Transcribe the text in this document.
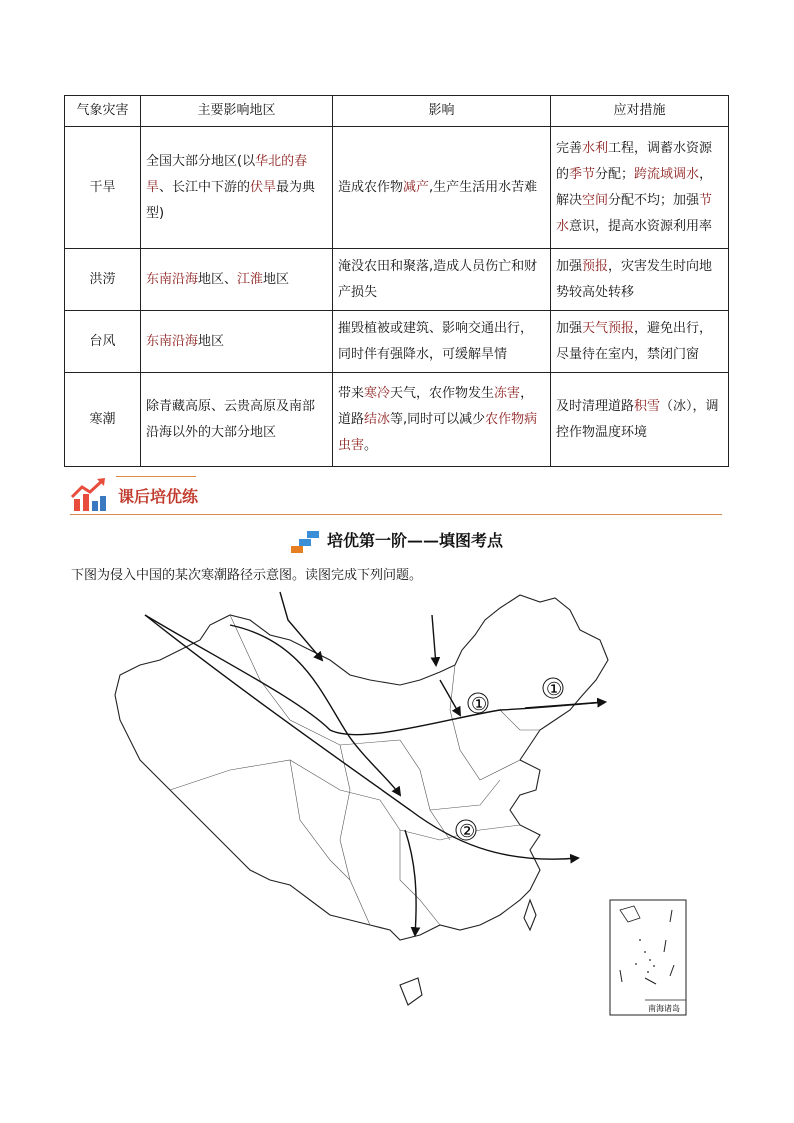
气象灾害	主要影响地区	影响	应对措施
干旱	全国大部分地区(以华北的春旱、长江中下游的伏旱最为典型)	造成农作物减产,生产生活用水苦难	完善水利工程，调蓄水资源的季节分配；跨流域调水，解决空间分配不均；加强节水意识，提高水资源利用率
洪涝	东南沿海地区、江淮地区	淹没农田和聚落,造成人员伤亡和财产损失	加强预报，灾害发生时向地势较高处转移
台风	东南沿海地区	摧毁植被或建筑、影响交通出行，同时伴有强降水，可缓解旱情	加强天气预报，避免出行，尽量待在室内，禁闭门窗
寒潮	除青藏高原、云贵高原及南部沿海以外的大部分地区	带来寒冷天气，农作物发生冻害，道路结冰等,同时可以减少农作物病虫害。	及时清理道路积雪（冰），调控作物温度环境
课后培优练
培优第一阶——填图考点
下图为侵入中国的某次寒潮路径示意图。读图完成下列问题。
①
①
②
南海诸岛
